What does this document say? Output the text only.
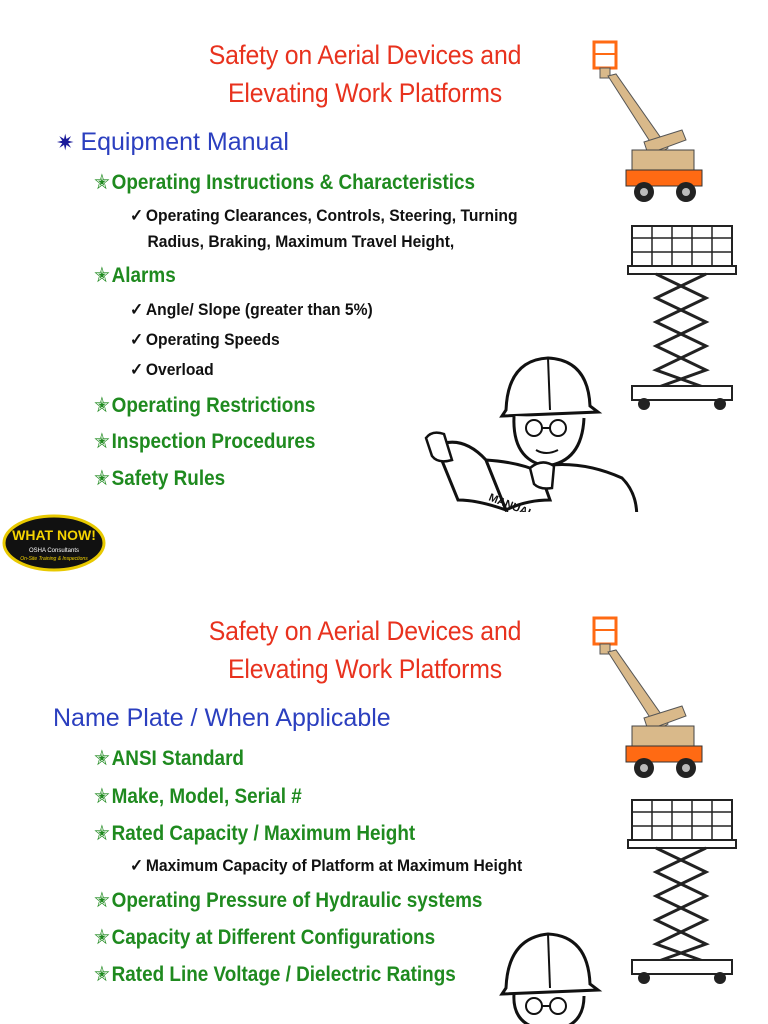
Safety on Aerial Devices and
Elevating Work Platforms
✷ Equipment Manual
✭Operating Instructions & Characteristics
✓ Operating Clearances, Controls, Steering, Turning
Radius, Braking, Maximum Travel Height,
✭Alarms
✓ Angle/ Slope (greater than 5%)
✓ Operating Speeds
✓ Overload
✭Operating Restrictions
✭Inspection Procedures
✭Safety Rules
MANUAL
WHAT NOW!
OSHA Consultants
On-Site Training & Inspections
Safety on Aerial Devices and
Elevating Work Platforms
Name Plate / When Applicable
✭ANSI Standard
✭Make, Model, Serial #
✭Rated Capacity / Maximum Height
✓ Maximum Capacity of Platform at Maximum Height
✭Operating Pressure of Hydraulic systems
✭Capacity at Different Configurations
✭Rated Line Voltage / Dielectric Ratings
